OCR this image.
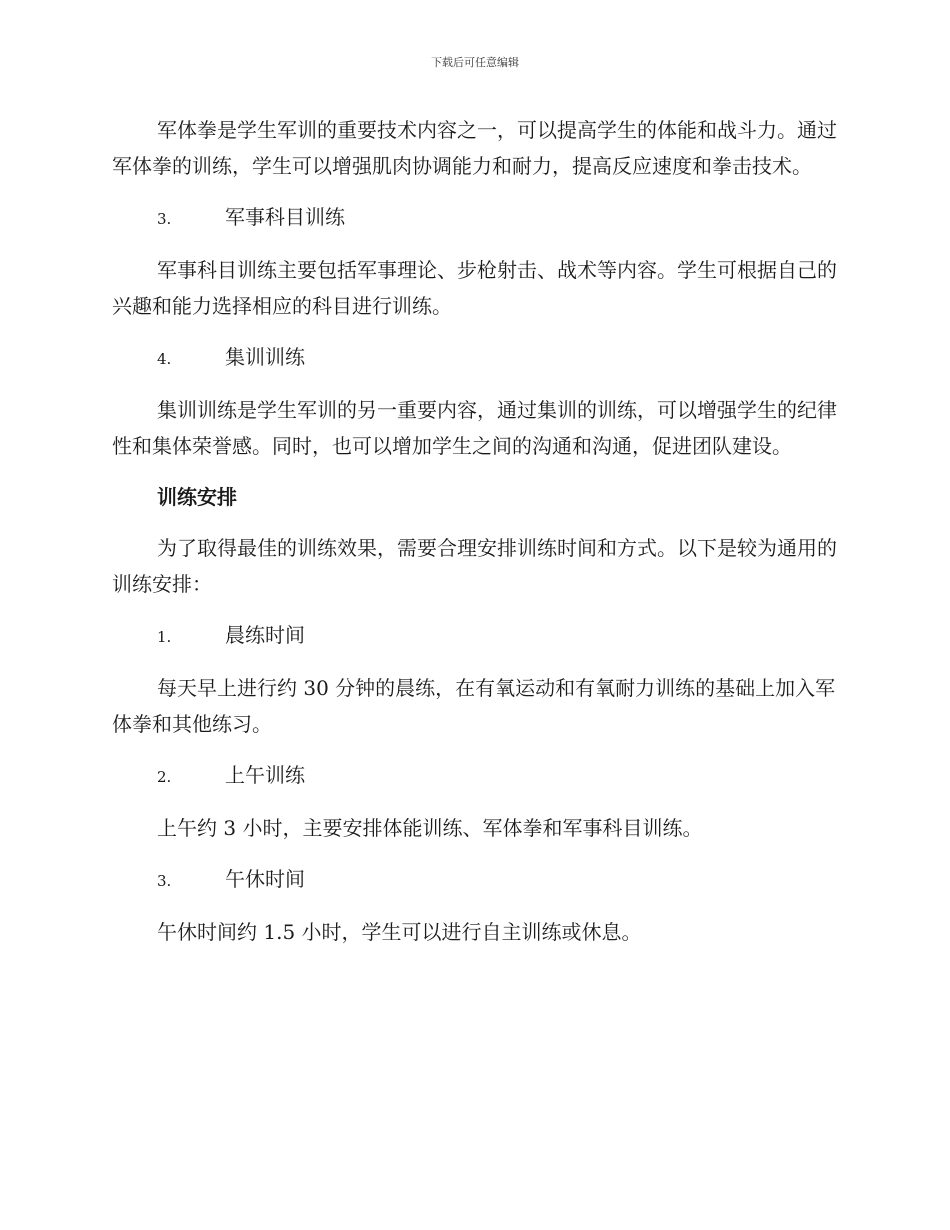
下载后可任意编辑

军体拳是学生军训的重要技术内容之一，可以提高学生的体能和战斗力。通过军体拳的训练，学生可以增强肌肉协调能力和耐力，提高反应速度和拳击技术。

3.	军事科目训练

军事科目训练主要包括军事理论、步枪射击、战术等内容。学生可根据自己的兴趣和能力选择相应的科目进行训练。

4.	集训训练

集训训练是学生军训的另一重要内容，通过集训的训练，可以增强学生的纪律性和集体荣誉感。同时，也可以增加学生之间的沟通和沟通，促进团队建设。

训练安排

为了取得最佳的训练效果，需要合理安排训练时间和方式。以下是较为通用的训练安排：

1.	晨练时间

每天早上进行约 30 分钟的晨练，在有氧运动和有氧耐力训练的基础上加入军体拳和其他练习。

2.	上午训练

上午约 3 小时，主要安排体能训练、军体拳和军事科目训练。

3.	午休时间

午休时间约 1.5 小时，学生可以进行自主训练或休息。
